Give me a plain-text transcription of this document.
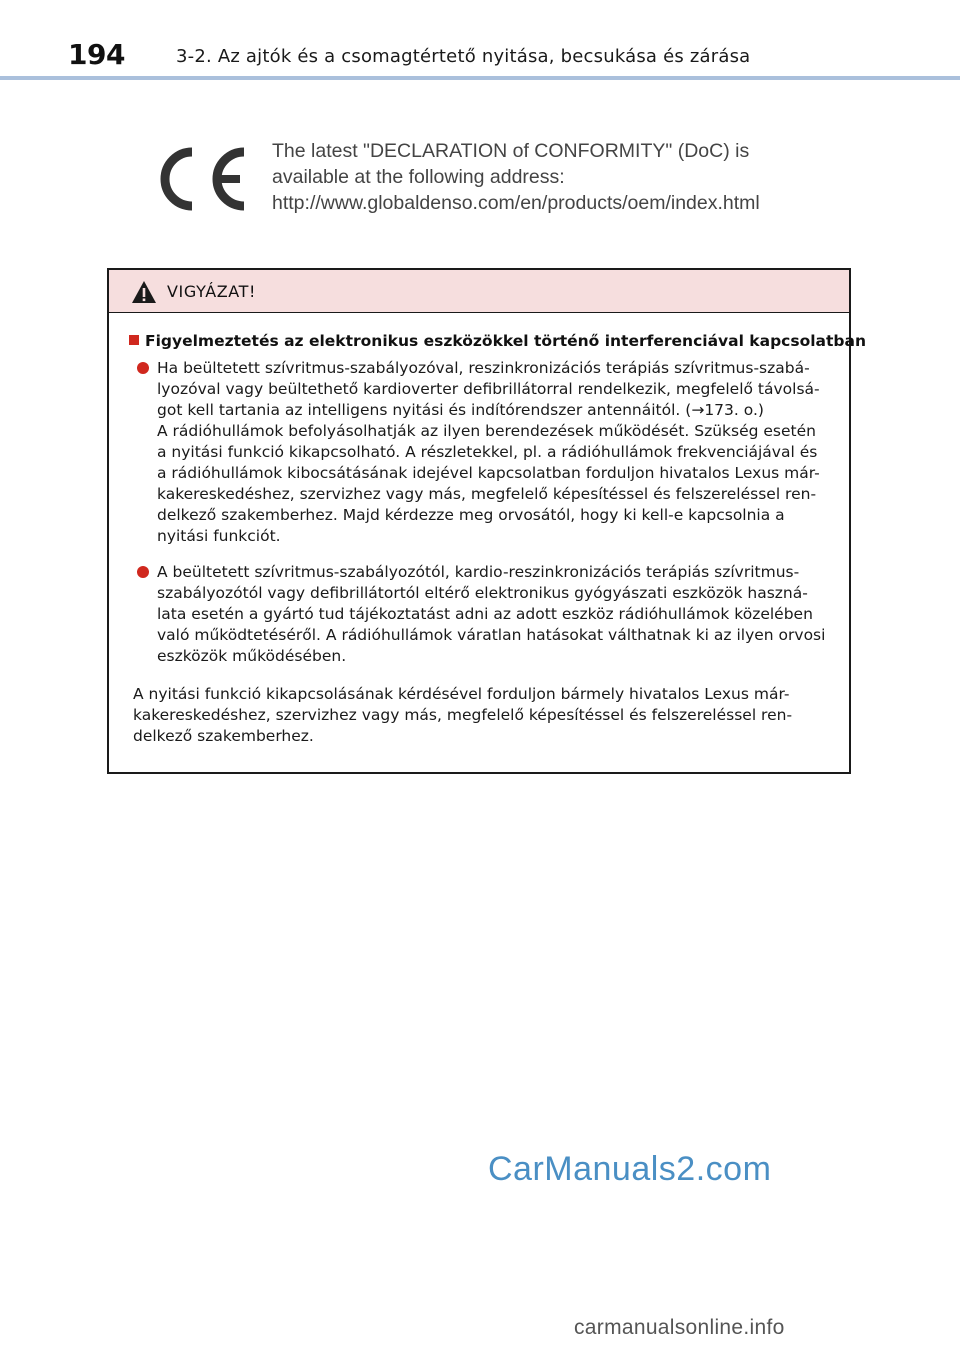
194	3-2. Az ajtók és a csomagtértető nyitása, becsukása és zárása
The latest "DECLARATION of CONFORMITY" (DoC) is
available at the following address:
http://www.globaldenso.com/en/products/oem/index.html
VIGYÁZAT!
Figyelmeztetés az elektronikus eszközökkel történő interferenciával kapcsolatban
Ha beültetett szívritmus-szabályozóval, reszinkronizációs terápiás szívritmus-szabá-
lyozóval vagy beültethető kardioverter defibrillátorral rendelkezik, megfelelő távolsá-
got kell tartania az intelligens nyitási és indítórendszer antennáitól. (→173. o.)
A rádióhullámok befolyásolhatják az ilyen berendezések működését. Szükség esetén
a nyitási funkció kikapcsolható. A részletekkel, pl. a rádióhullámok frekvenciájával és
a rádióhullámok kibocsátásának idejével kapcsolatban forduljon hivatalos Lexus már-
kakereskedéshez, szervizhez vagy más, megfelelő képesítéssel és felszereléssel ren-
delkező szakemberhez. Majd kérdezze meg orvosától, hogy ki kell-e kapcsolnia a
nyitási funkciót.
A beültetett szívritmus-szabályozótól, kardio-reszinkronizációs terápiás szívritmus-
szabályozótól vagy defibrillátortól eltérő elektronikus gyógyászati eszközök haszná-
lata esetén a gyártó tud tájékoztatást adni az adott eszköz rádióhullámok közelében
való működtetéséről. A rádióhullámok váratlan hatásokat válthatnak ki az ilyen orvosi
eszközök működésében.
A nyitási funkció kikapcsolásának kérdésével forduljon bármely hivatalos Lexus már-
kakereskedéshez, szervizhez vagy más, megfelelő képesítéssel és felszereléssel ren-
delkező szakemberhez.
CarManuals2.com
carmanualsonline.info
